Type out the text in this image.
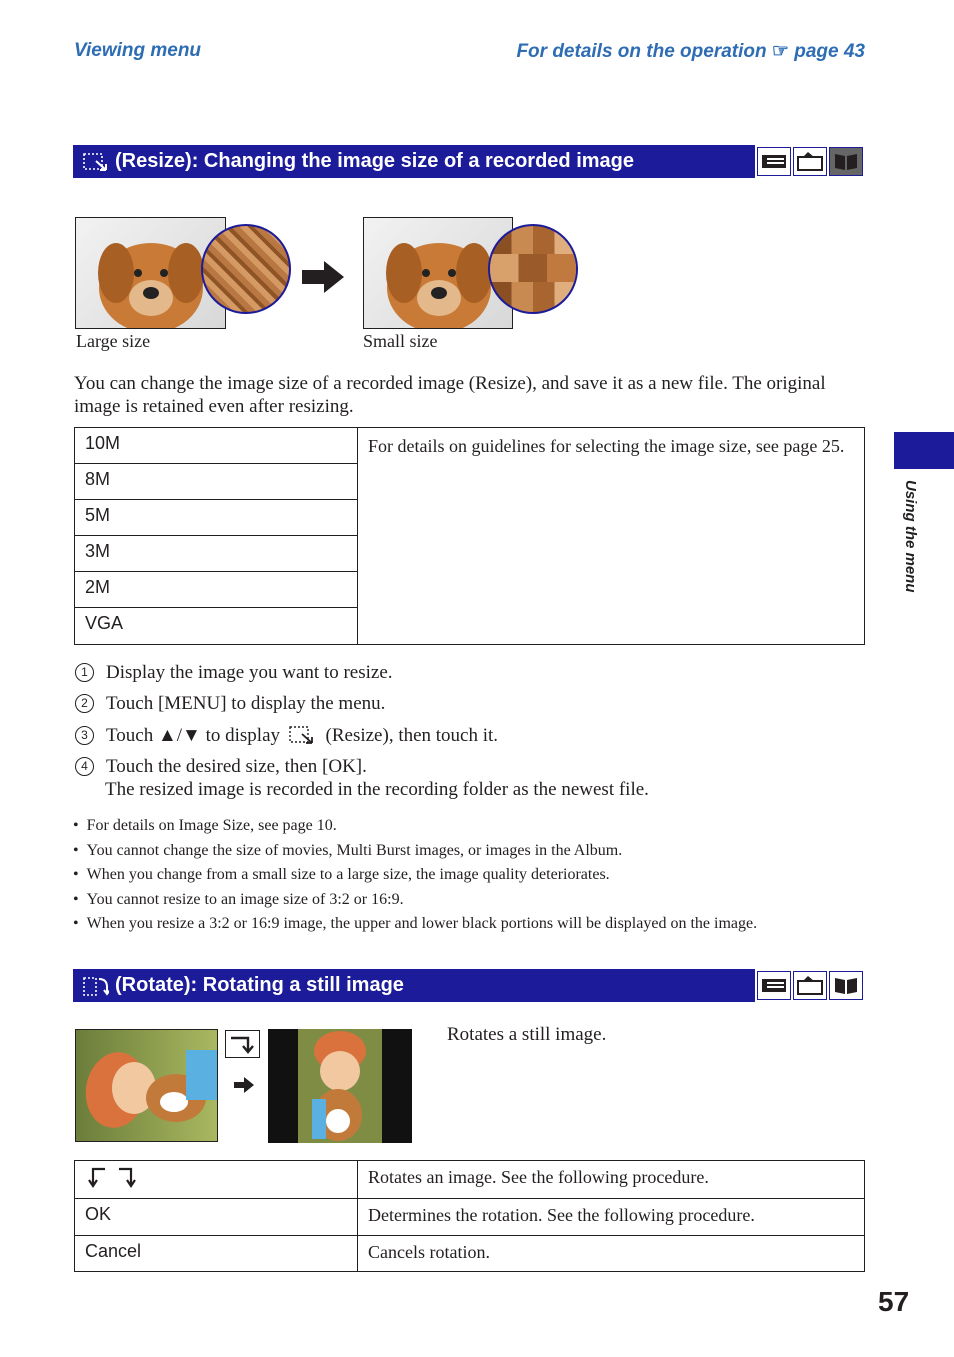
Viewing menu	For details on the operation ☞ page 43
(Resize): Changing the image size of a recorded image
Large size	Small size
You can change the image size of a recorded image (Resize), and save it as a new file. The original image is retained even after resizing.
10M	For details on guidelines for selecting the image size, see page 25.
8M
5M
3M
2M
VGA
1 Display the image you want to resize.
2 Touch [MENU] to display the menu.
3 Touch ▲/▼ to display (Resize), then touch it.
4 Touch the desired size, then [OK].
The resized image is recorded in the recording folder as the newest file.
• For details on Image Size, see page 10.
• You cannot change the size of movies, Multi Burst images, or images in the Album.
• When you change from a small size to a large size, the image quality deteriorates.
• You cannot resize to an image size of 3:2 or 16:9.
• When you resize a 3:2 or 16:9 image, the upper and lower black portions will be displayed on the image.
(Rotate): Rotating a still image
Rotates a still image.
	Rotates an image. See the following procedure.
OK	Determines the rotation. See the following procedure.
Cancel	Cancels rotation.
Using the menu
57
